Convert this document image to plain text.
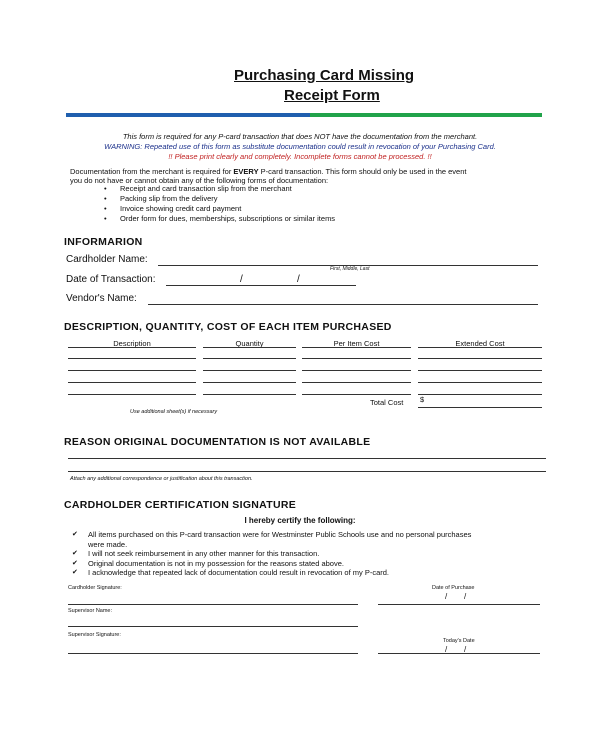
Purchasing Card Missing
Receipt Form
This form is required for any P-card transaction that does NOT have the documentation from the merchant.
WARNING: Repeated use of this form as substitute documentation could result in revocation of your Purchasing Card.
!! Please print clearly and completely. Incomplete forms cannot be processed. !!
Documentation from the merchant is required for EVERY P-card transaction. This form should only be used in the event
you do not have or cannot obtain any of the following forms of documentation:
• Receipt and card transaction slip from the merchant
• Packing slip from the delivery
• Invoice showing credit card payment
• Order form for dues, memberships, subscriptions or similar items
INFORMARION
Cardholder Name:
First, Middle, Last
Date of Transaction:	/	/
Vendor's Name:
DESCRIPTION, QUANTITY, COST OF EACH ITEM PURCHASED
Description	Quantity	Per Item Cost	Extended Cost
Total Cost $
Use additional sheet(s) if necessary
REASON ORIGINAL DOCUMENTATION IS NOT AVAILABLE
Attach any additional correspondence or justification about this transaction.
CARDHOLDER CERTIFICATION SIGNATURE
I hereby certify the following:
✔ All items purchased on this P-card transaction were for Westminster Public Schools use and no personal purchases
were made.
✔ I will not seek reimbursement in any other manner for this transaction.
✔ Original documentation is not in my possession for the reasons stated above.
✔ I acknowledge that repeated lack of documentation could result in revocation of my P-card.
Cardholder Signature:	Date of Purchase
/ /
Supervisor Name:
Supervisor Signature:
Today's Date
/ /
